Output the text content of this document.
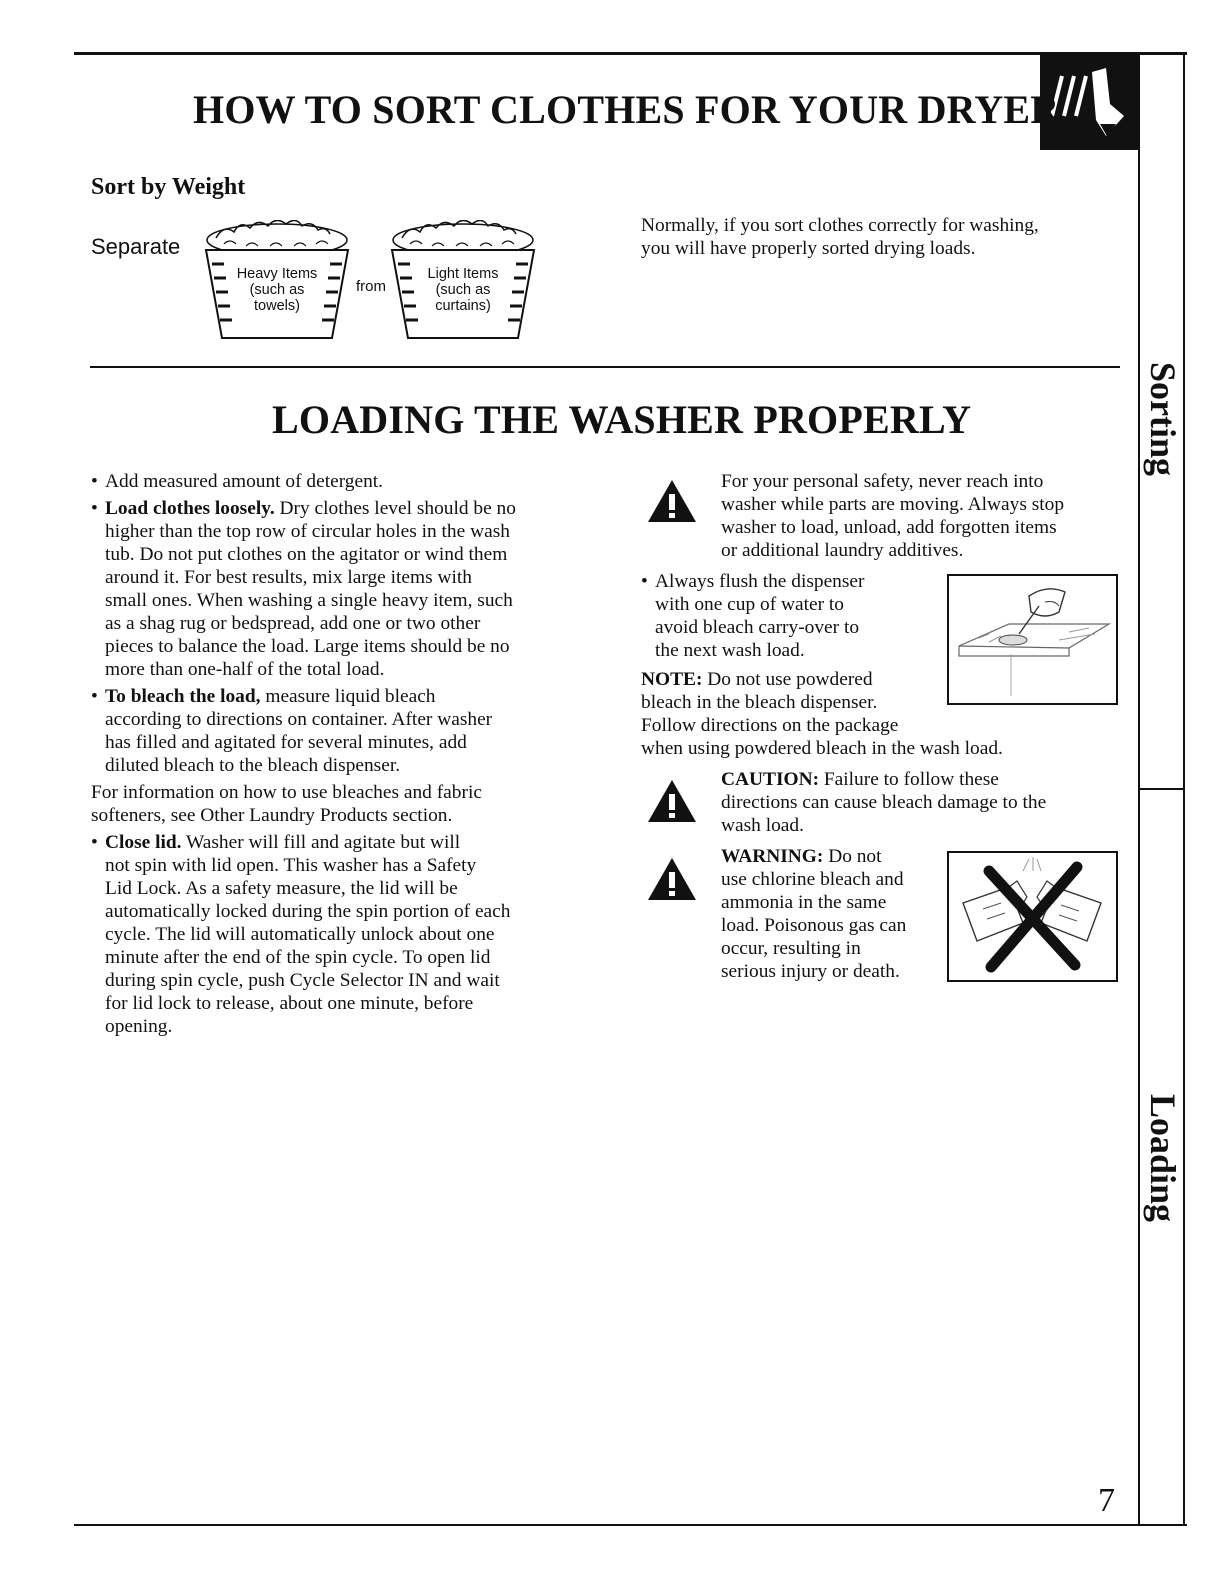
HOW TO SORT CLOTHES FOR YOUR DRYER
Sort by Weight
Separate
Heavy Items
(such as
towels)
from
Light Items
(such as
curtains)
Normally, if you sort clothes correctly for washing,
you will have properly sorted drying loads.
LOADING THE WASHER PROPERLY
• Add measured amount of detergent.
• Load clothes loosely. Dry clothes level should be no
higher than the top row of circular holes in the wash
tub. Do not put clothes on the agitator or wind them
around it. For best results, mix large items with
small ones. When washing a single heavy item, such
as a shag rug or bedspread, add one or two other
pieces to balance the load. Large items should be no
more than one-half of the total load.
• To bleach the load, measure liquid bleach
according to directions on container. After washer
has filled and agitated for several minutes, add
diluted bleach to the bleach dispenser.
For information on how to use bleaches and fabric
softeners, see Other Laundry Products section.
• Close lid. Washer will fill and agitate but will
not spin with lid open. This washer has a Safety
Lid Lock. As a safety measure, the lid will be
automatically locked during the spin portion of each
cycle. The lid will automatically unlock about one
minute after the end of the spin cycle. To open lid
during spin cycle, push Cycle Selector IN and wait
for lid lock to release, about one minute, before
opening.
For your personal safety, never reach into
washer while parts are moving. Always stop
washer to load, unload, add forgotten items
or additional laundry additives.
• Always flush the dispenser
with one cup of water to
avoid bleach carry-over to
the next wash load.
NOTE: Do not use powdered
bleach in the bleach dispenser.
Follow directions on the package
when using powdered bleach in the wash load.
CAUTION: Failure to follow these
directions can cause bleach damage to the
wash load.
WARNING: Do not
use chlorine bleach and
ammonia in the same
load. Poisonous gas can
occur, resulting in
serious injury or death.
Sorting
Loading
7
